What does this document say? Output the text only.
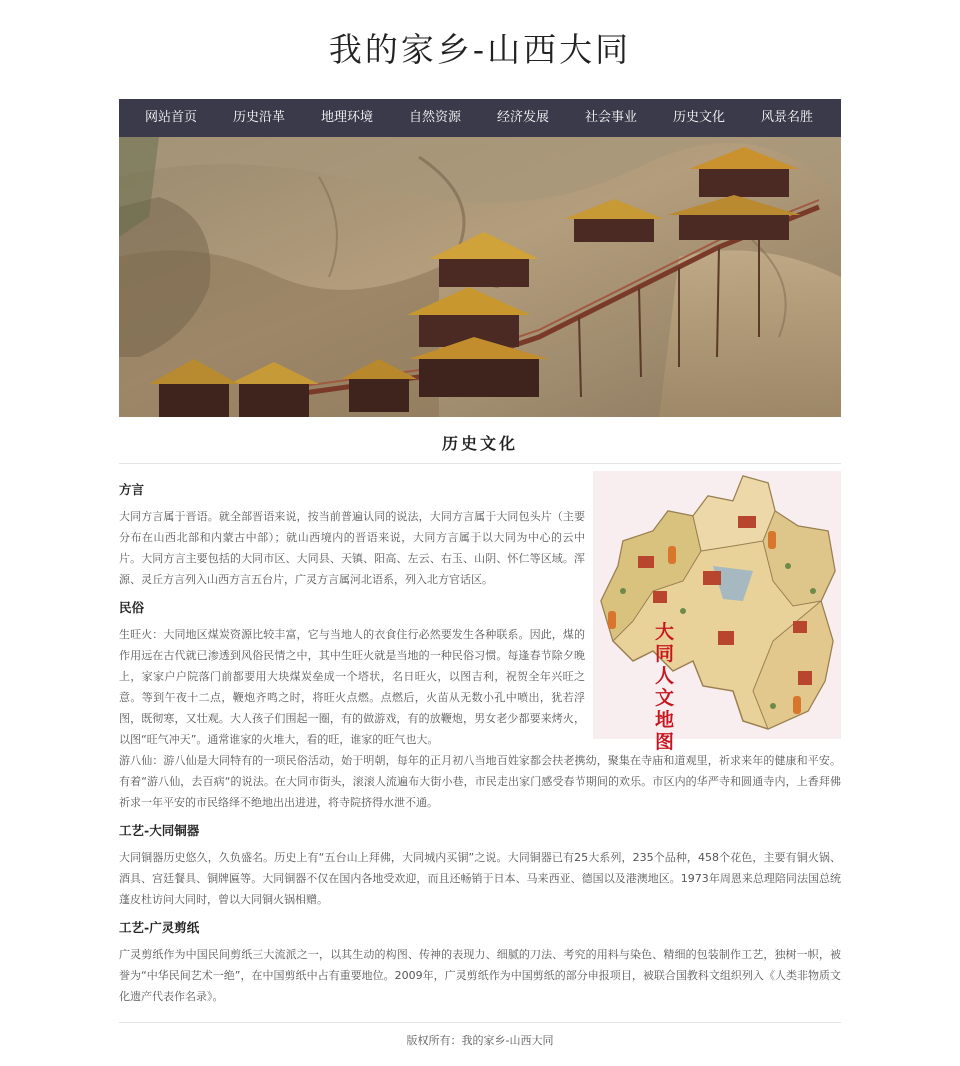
我的家乡-山西大同
网站首页	历史沿革	地理环境	自然资源	经济发展	社会事业	历史文化	风景名胜
历史文化
大同人文地图
方言

大同方言属于晋语。就全部晋语来说，按当前普遍认同的说法，大同方言属于大同包头片（主要分布在山西北部和内蒙古中部）；就山西境内的晋语来说，大同方言属于以大同为中心的云中片。大同方言主要包括的大同市区、大同县、天镇、阳高、左云、右玉、山阴、怀仁等区域。浑源、灵丘方言列入山西方言五台片，广灵方言属河北语系，列入北方官话区。

民俗

生旺火：大同地区煤炭资源比较丰富，它与当地人的衣食住行必然要发生各种联系。因此，煤的作用远在古代就已渗透到风俗民情之中，其中生旺火就是当地的一种民俗习惯。每逢春节除夕晚上，家家户户院落门前都要用大块煤炭垒成一个塔状，名日旺火，以图吉利，祝贺全年兴旺之意。等到午夜十二点，鞭炮齐鸣之时，将旺火点燃。点燃后，火苗从无数小孔中喷出，犹若浮图，既彻寒，又壮观。大人孩子们围起一圈，有的做游戏，有的放鞭炮，男女老少都要来烤火，以图“旺气冲天”。通常谁家的火堆大，看的旺，谁家的旺气也大。

游八仙：游八仙是大同特有的一项民俗活动，始于明朝，每年的正月初八当地百姓家都会扶老携幼，聚集在寺庙和道观里，祈求来年的健康和平安。有着“游八仙，去百病“的说法。在大同市街头，滚滚人流遍布大街小巷，市民走出家门感受春节期间的欢乐。市区内的华严寺和圆通寺内，上香拜佛祈求一年平安的市民络绎不绝地出出进进，将寺院挤得水泄不通。

工艺-大同铜器

大同铜器历史悠久，久负盛名。历史上有“五台山上拜佛，大同城内买铜”之说。大同铜器已有25大系列，235个品种，458个花色，主要有铜火锅、酒具、宫廷餐具、铜牌匾等。大同铜器不仅在国内各地受欢迎，而且还畅销于日本、马来西亚、德国以及港澳地区。1973年周恩来总理陪同法国总统蓬皮杜访问大同时，曾以大同铜火锅相赠。

工艺-广灵剪纸

广灵剪纸作为中国民间剪纸三大流派之一，以其生动的构图、传神的表现力、细腻的刀法、考究的用料与染色、精细的包装制作工艺，独树一帜，被誉为“中华民间艺术一绝”，在中国剪纸中占有重要地位。2009年，广灵剪纸作为中国剪纸的部分申报项目，被联合国教科文组织列入《人类非物质文化遗产代表作名录》。

版权所有：我的家乡-山西大同
